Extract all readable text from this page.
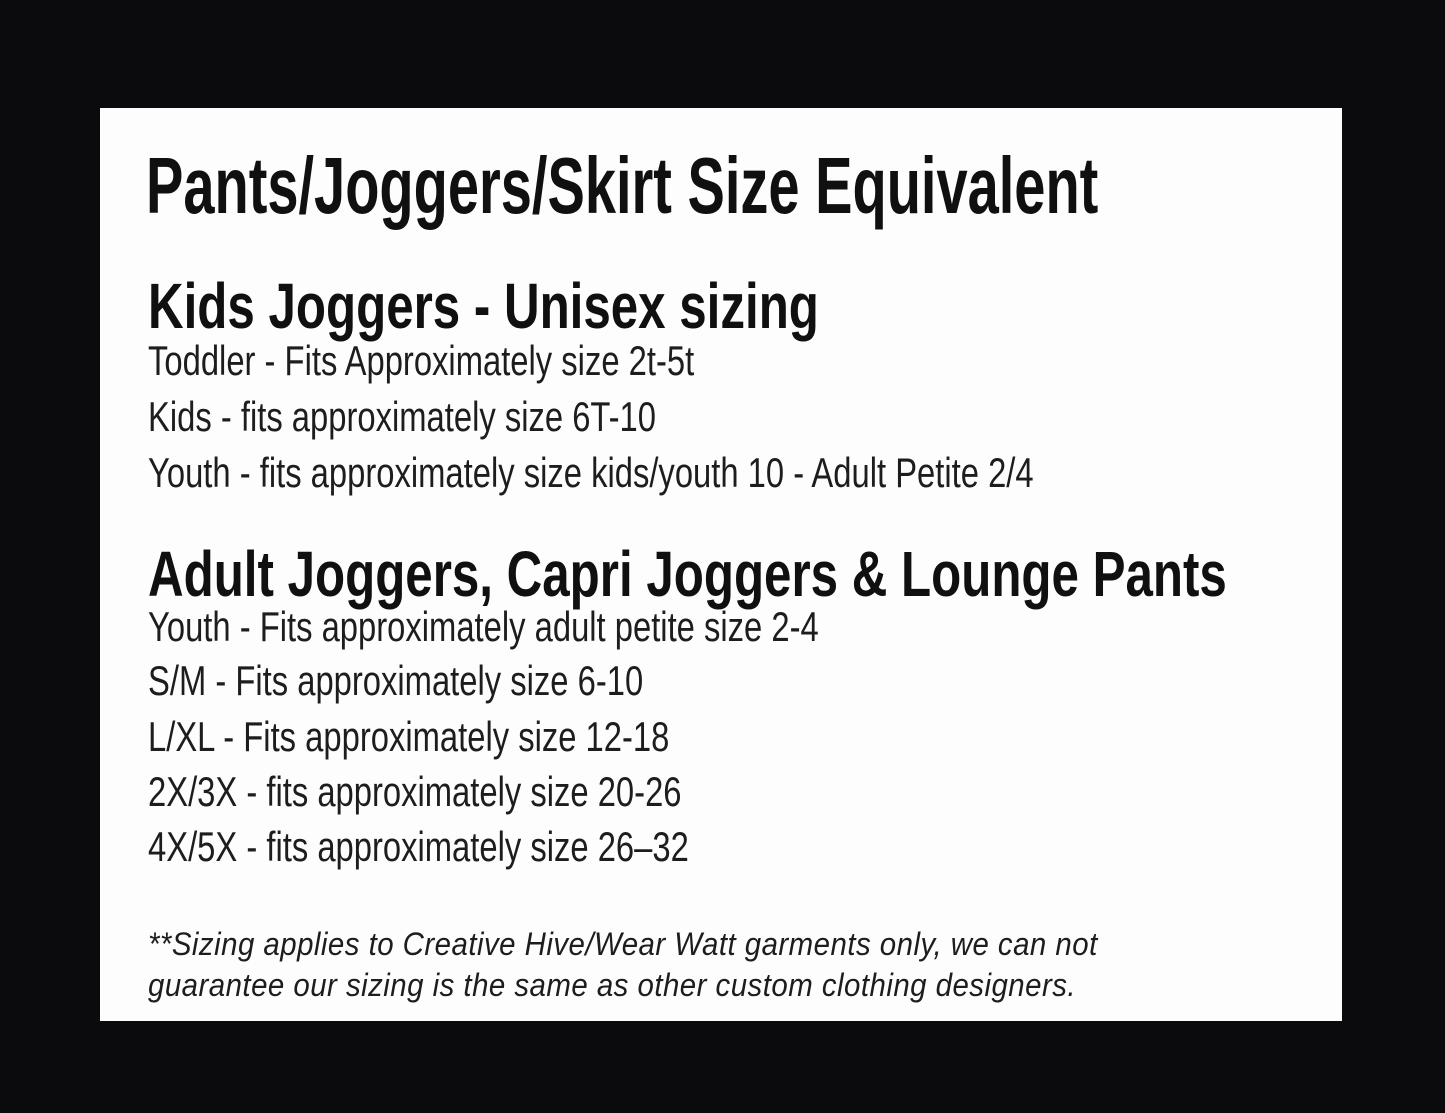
Pants/Joggers/Skirt Size Equivalent
Kids Joggers - Unisex sizing
Toddler - Fits Approximately size 2t-5t
Kids - fits approximately size 6T-10
Youth - fits approximately size kids/youth 10 - Adult Petite 2/4
Adult Joggers, Capri Joggers & Lounge Pants
Youth - Fits approximately adult petite size 2-4
S/M - Fits approximately size 6-10
L/XL - Fits approximately size 12-18
2X/3X - fits approximately size 20-26
4X/5X - fits approximately size 26–32
**Sizing applies to Creative Hive/Wear Watt garments only, we can not
guarantee our sizing is the same as other custom clothing designers.
